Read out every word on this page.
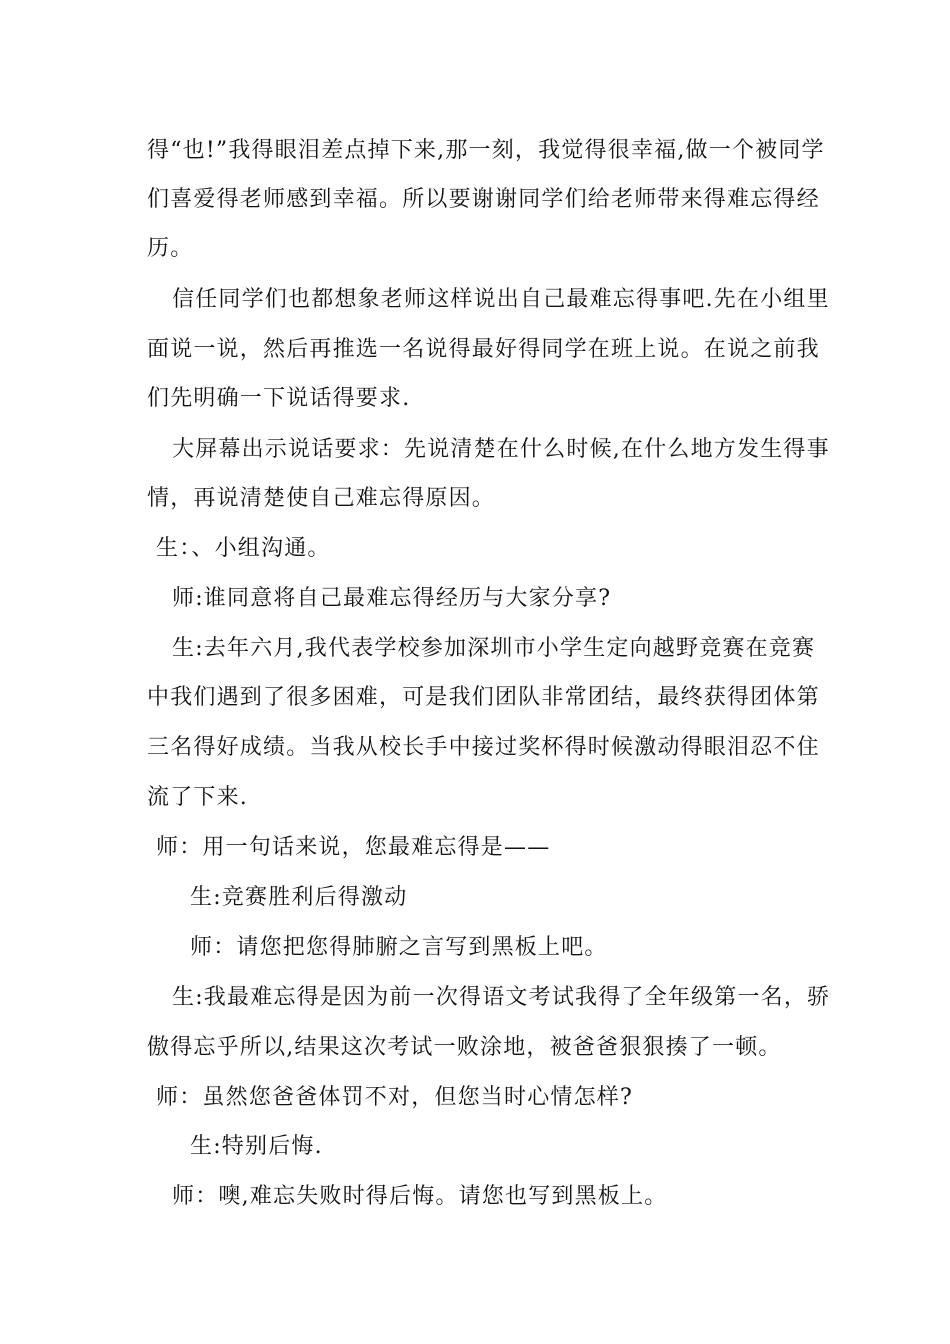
得“也!”我得眼泪差点掉下来,那一刻，我觉得很幸福,做一个被同学
们喜爱得老师感到幸福。所以要谢谢同学们给老师带来得难忘得经
历。
信任同学们也都想象老师这样说出自己最难忘得事吧.先在小组里
面说一说，然后再推选一名说得最好得同学在班上说。在说之前我
们先明确一下说话得要求.
大屏幕出示说话要求：先说清楚在什么时候,在什么地方发生得事
情，再说清楚使自己难忘得原因。
生：、小组沟通。
师:谁同意将自己最难忘得经历与大家分享?
生:去年六月,我代表学校参加深圳市小学生定向越野竞赛在竞赛
中我们遇到了很多困难，可是我们团队非常团结，最终获得团体第
三名得好成绩。当我从校长手中接过奖杯得时候激动得眼泪忍不住
流了下来.
师：用一句话来说，您最难忘得是——
生:竞赛胜利后得激动
师：请您把您得肺腑之言写到黑板上吧。
生:我最难忘得是因为前一次得语文考试我得了全年级第一名，骄
傲得忘乎所以,结果这次考试一败涂地，被爸爸狠狠揍了一顿。
师：虽然您爸爸体罚不对，但您当时心情怎样?
生:特别后悔.
师：噢,难忘失败时得后悔。请您也写到黑板上。
